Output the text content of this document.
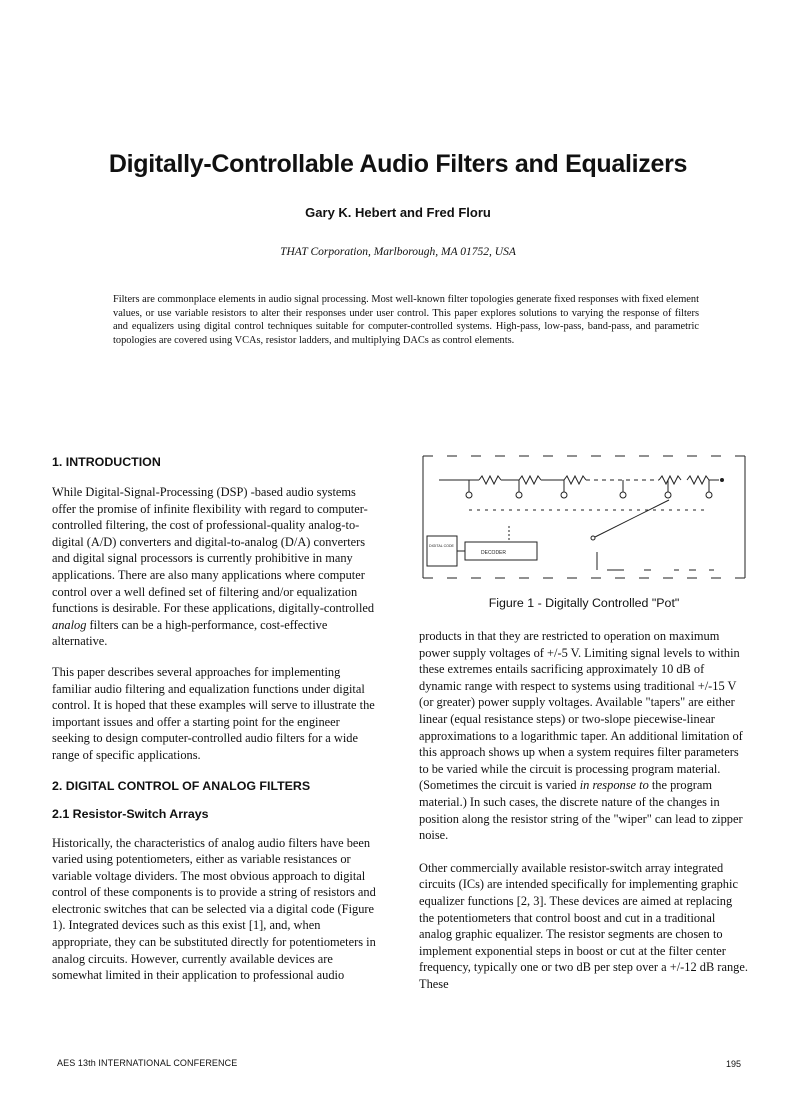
Digitally-Controllable Audio Filters and Equalizers
Gary K. Hebert and Fred Floru
THAT Corporation, Marlborough, MA 01752, USA

Filters are commonplace elements in audio signal processing. Most well-known filter topologies generate fixed responses with fixed element values, or use variable resistors to alter their responses under user control. This paper explores solutions to varying the response of filters and equalizers using digital control techniques suitable for computer-controlled systems. High-pass, low-pass, band-pass, and parametric topologies are covered using VCAs, resistor ladders, and multiplying DACs as control elements.

1. INTRODUCTION

While Digital-Signal-Processing (DSP) -based audio systems offer the promise of infinite flexibility with regard to computer-controlled filtering, the cost of professional-quality analog-to-digital (A/D) converters and digital-to-analog (D/A) converters and digital signal processors is currently prohibitive in many applications. There are also many applications where computer control over a well defined set of filtering and/or equalization functions is desirable. For these applications, digitally-controlled analog filters can be a high-performance, cost-effective alternative.

This paper describes several approaches for implementing familiar audio filtering and equalization functions under digital control. It is hoped that these examples will serve to illustrate the important issues and offer a starting point for the engineer seeking to design computer-controlled audio filters for a wide range of specific applications.

2. DIGITAL CONTROL OF ANALOG FILTERS

2.1 Resistor-Switch Arrays

Historically, the characteristics of analog audio filters have been varied using potentiometers, either as variable resistances or variable voltage dividers. The most obvious approach to digital control of these components is to provide a string of resistors and electronic switches that can be selected via a digital code (Figure 1). Integrated devices such as this exist [1], and, when appropriate, they can be substituted directly for potentiometers in analog circuits. However, currently available devices are somewhat limited in their application to professional audio

DECODER
DIGITAL CODE
Figure 1 - Digitally Controlled "Pot"

products in that they are restricted to operation on maximum power supply voltages of +/-5 V. Limiting signal levels to within these extremes entails sacrificing approximately 10 dB of dynamic range with respect to systems using traditional +/-15 V (or greater) power supply voltages. Available "tapers" are either linear (equal resistance steps) or two-slope piecewise-linear approximations to a logarithmic taper. An additional limitation of this approach shows up when a system requires filter parameters to be varied while the circuit is processing program material. (Sometimes the circuit is varied in response to the program material.) In such cases, the discrete nature of the changes in position along the resistor string of the "wiper" can lead to zipper noise.

Other commercially available resistor-switch array integrated circuits (ICs) are intended specifically for implementing graphic equalizer functions [2, 3]. These devices are aimed at replacing the potentiometers that control boost and cut in a traditional analog graphic equalizer. The resistor segments are chosen to implement exponential steps in boost or cut at the filter center frequency, typically one or two dB per step over a +/-12 dB range. These

AES 13th INTERNATIONAL CONFERENCE	195
